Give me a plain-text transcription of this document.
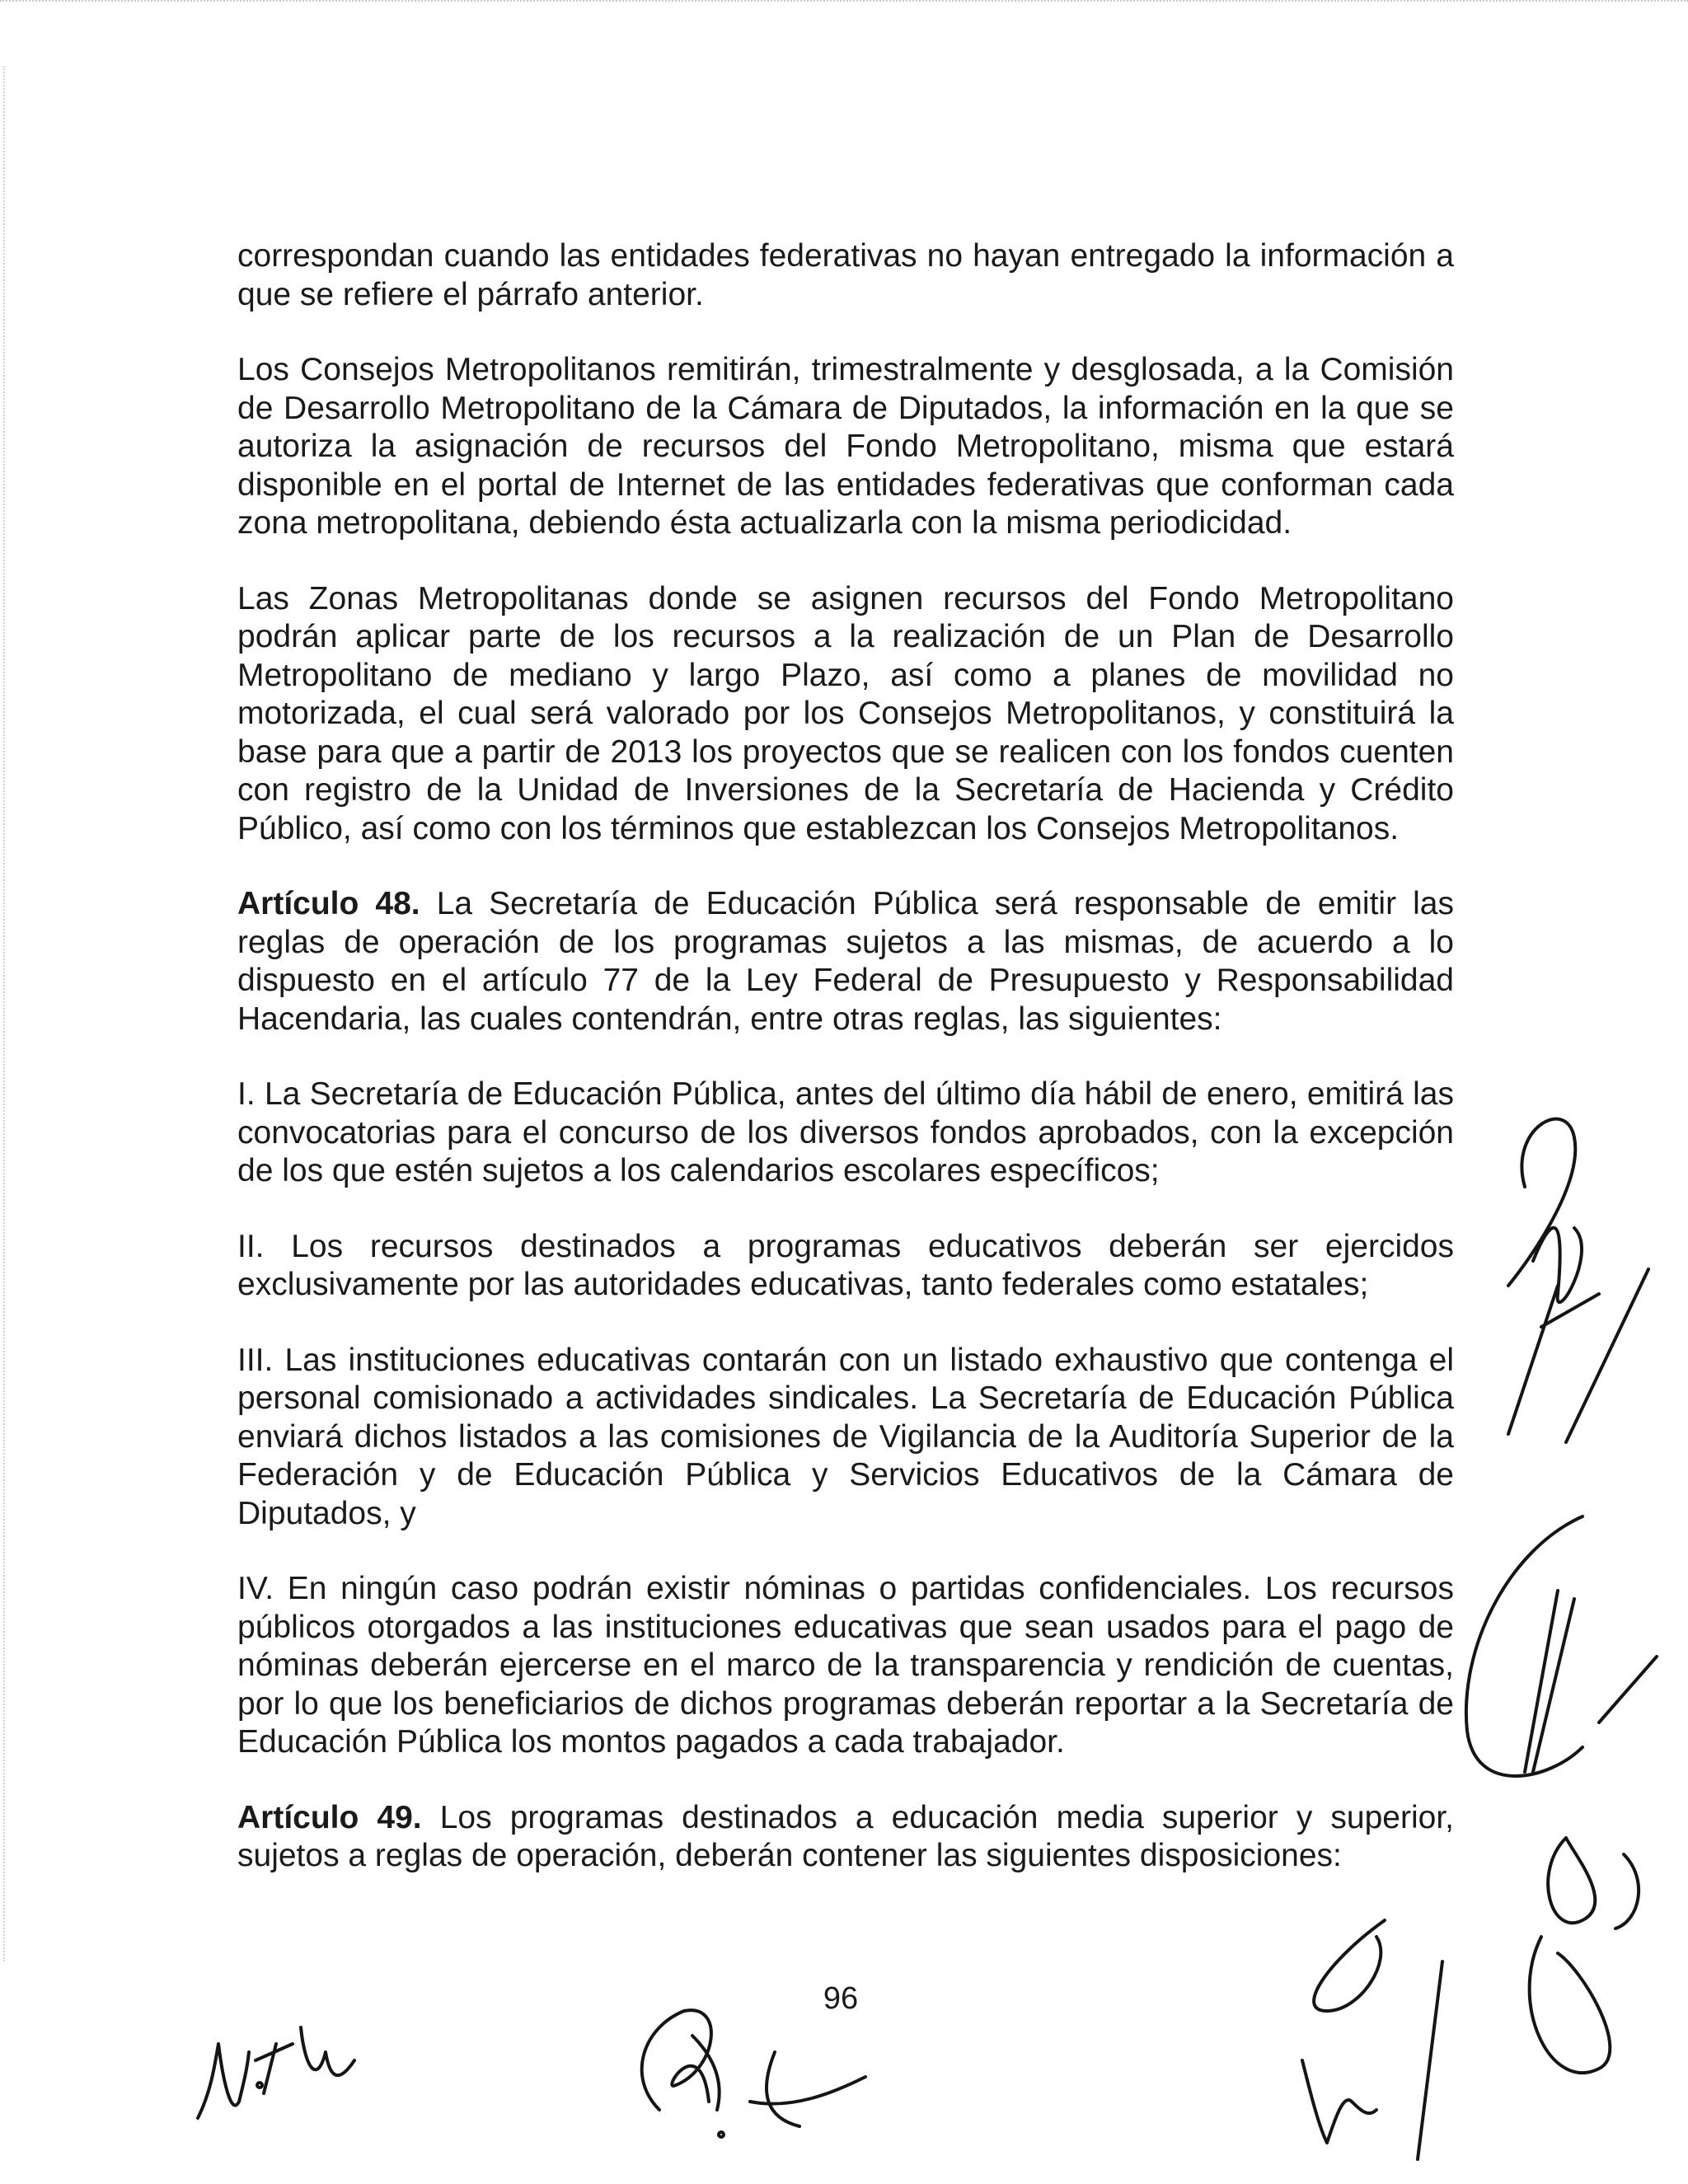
correspondan cuando las entidades federativas no hayan entregado la información a que se refiere el párrafo anterior.

Los Consejos Metropolitanos remitirán, trimestralmente y desglosada, a la Comisión de Desarrollo Metropolitano de la Cámara de Diputados, la información en la que se autoriza la asignación de recursos del Fondo Metropolitano, misma que estará disponible en el portal de Internet de las entidades federativas que conforman cada zona metropolitana, debiendo ésta actualizarla con la misma periodicidad.

Las Zonas Metropolitanas donde se asignen recursos del Fondo Metropolitano podrán aplicar parte de los recursos a la realización de un Plan de Desarrollo Metropolitano de mediano y largo Plazo, así como a planes de movilidad no motorizada, el cual será valorado por los Consejos Metropolitanos, y constituirá la base para que a partir de 2013 los proyectos que se realicen con los fondos cuenten con registro de la Unidad de Inversiones de la Secretaría de Hacienda y Crédito Público, así como con los términos que establezcan los Consejos Metropolitanos.

Artículo 48. La Secretaría de Educación Pública será responsable de emitir las reglas de operación de los programas sujetos a las mismas, de acuerdo a lo dispuesto en el artículo 77 de la Ley Federal de Presupuesto y Responsabilidad Hacendaria, las cuales contendrán, entre otras reglas, las siguientes:

I. La Secretaría de Educación Pública, antes del último día hábil de enero, emitirá las convocatorias para el concurso de los diversos fondos aprobados, con la excepción de los que estén sujetos a los calendarios escolares específicos;

II. Los recursos destinados a programas educativos deberán ser ejercidos exclusivamente por las autoridades educativas, tanto federales como estatales;

III. Las instituciones educativas contarán con un listado exhaustivo que contenga el personal comisionado a actividades sindicales. La Secretaría de Educación Pública enviará dichos listados a las comisiones de Vigilancia de la Auditoría Superior de la Federación y de Educación Pública y Servicios Educativos de la Cámara de Diputados, y

IV. En ningún caso podrán existir nóminas o partidas confidenciales. Los recursos públicos otorgados a las instituciones educativas que sean usados para el pago de nóminas deberán ejercerse en el marco de la transparencia y rendición de cuentas, por lo que los beneficiarios de dichos programas deberán reportar a la Secretaría de Educación Pública los montos pagados a cada trabajador.

Artículo 49. Los programas destinados a educación media superior y superior, sujetos a reglas de operación, deberán contener las siguientes disposiciones:

96
